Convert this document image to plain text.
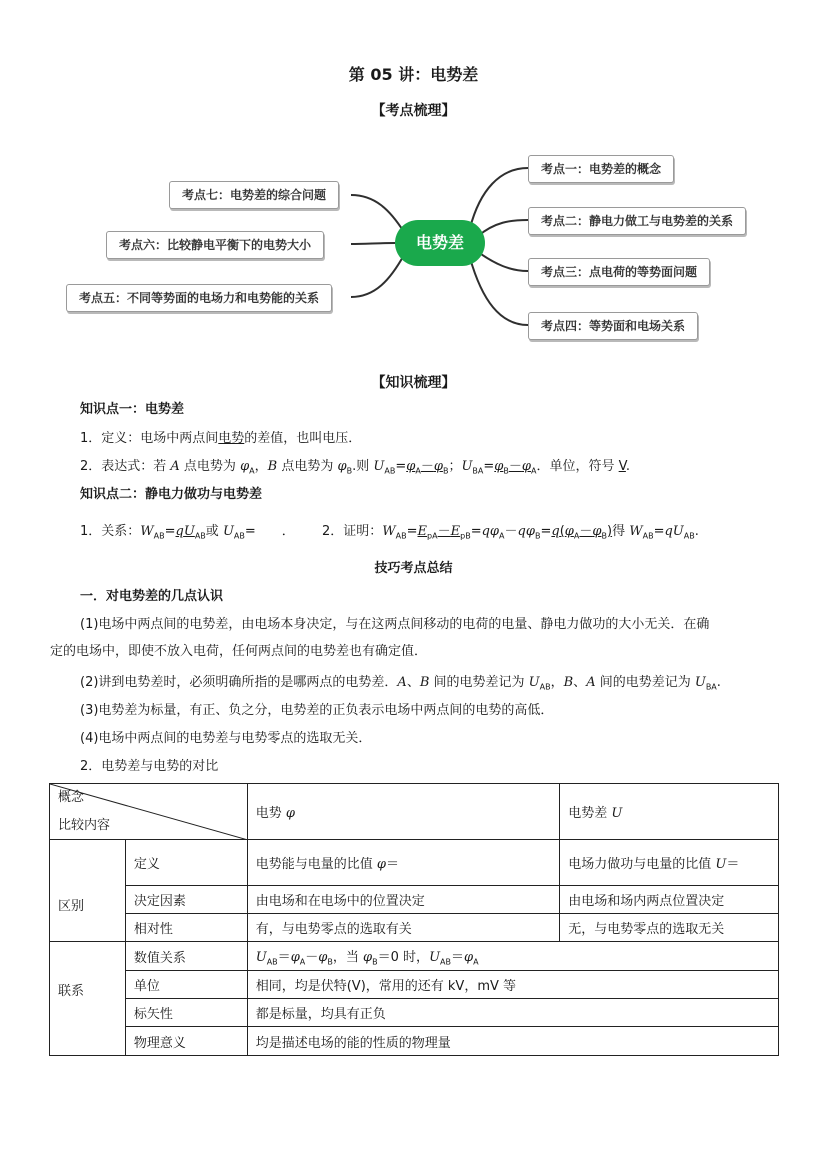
第 05 讲：电势差
【考点梳理】
电势差
考点一：电势差的概念
考点二：静电力做工与电势差的关系
考点三：点电荷的等势面问题
考点四：等势面和电场关系
考点七：电势差的综合问题
考点六：比较静电平衡下的电势大小
考点五：不同等势面的电场力和电势能的关系
【知识梳理】
知识点一：电势差
1．定义：电场中两点间电势的差值，也叫电压．
2．表达式：若 A 点电势为 $\varphi_A$，B 点电势为 $\varphi_B$.则 $U_{AB}=\varphi_A-\varphi_B$；$U_{BA}=\varphi_B-\varphi_A$．单位，符号 V.
知识点二：静电力做功与电势差
1．关系：$W_{AB}=qU_{AB}$或 $U_{AB}=$　　． 2．证明：$W_{AB}=E_{pA}-E_{pB}=q\varphi_A-q\varphi_B=q(\varphi_A-\varphi_B)$得 $W_{AB}=qU_{AB}$.
技巧考点总结
一．对电势差的几点认识
(1)电场中两点间的电势差，由电场本身决定，与在这两点间移动的电荷的电量、静电力做功的大小无关．在确
定的电场中，即使不放入电荷，任何两点间的电势差也有确定值．
(2)讲到电势差时，必须明确所指的是哪两点的电势差．A、B 间的电势差记为 $U_{AB}$，B、A 间的电势差记为 $U_{BA}$.
(3)电势差为标量，有正、负之分，电势差的正负表示电场中两点间的电势的高低．
(4)电场中两点间的电势差与电势零点的选取无关．
2．电势差与电势的对比
概念
比较内容		电势 φ	电势差 U
区别	定义	电势能与电量的比值 φ＝	电场力做功与电量的比值 U＝
	决定因素	由电场和在电场中的位置决定	由电场和场内两点位置决定
	相对性	有，与电势零点的选取有关	无，与电势零点的选取无关
联系	数值关系	$U_{AB}=\varphi_A-\varphi_B$，当 $\varphi_B=0$ 时，$U_{AB}=\varphi_A$
	单位	相同，均是伏特(V)，常用的还有 kV，mV 等	
	标矢性	都是标量，均具有正负	
	物理意义	均是描述电场的能的性质的物理量	
